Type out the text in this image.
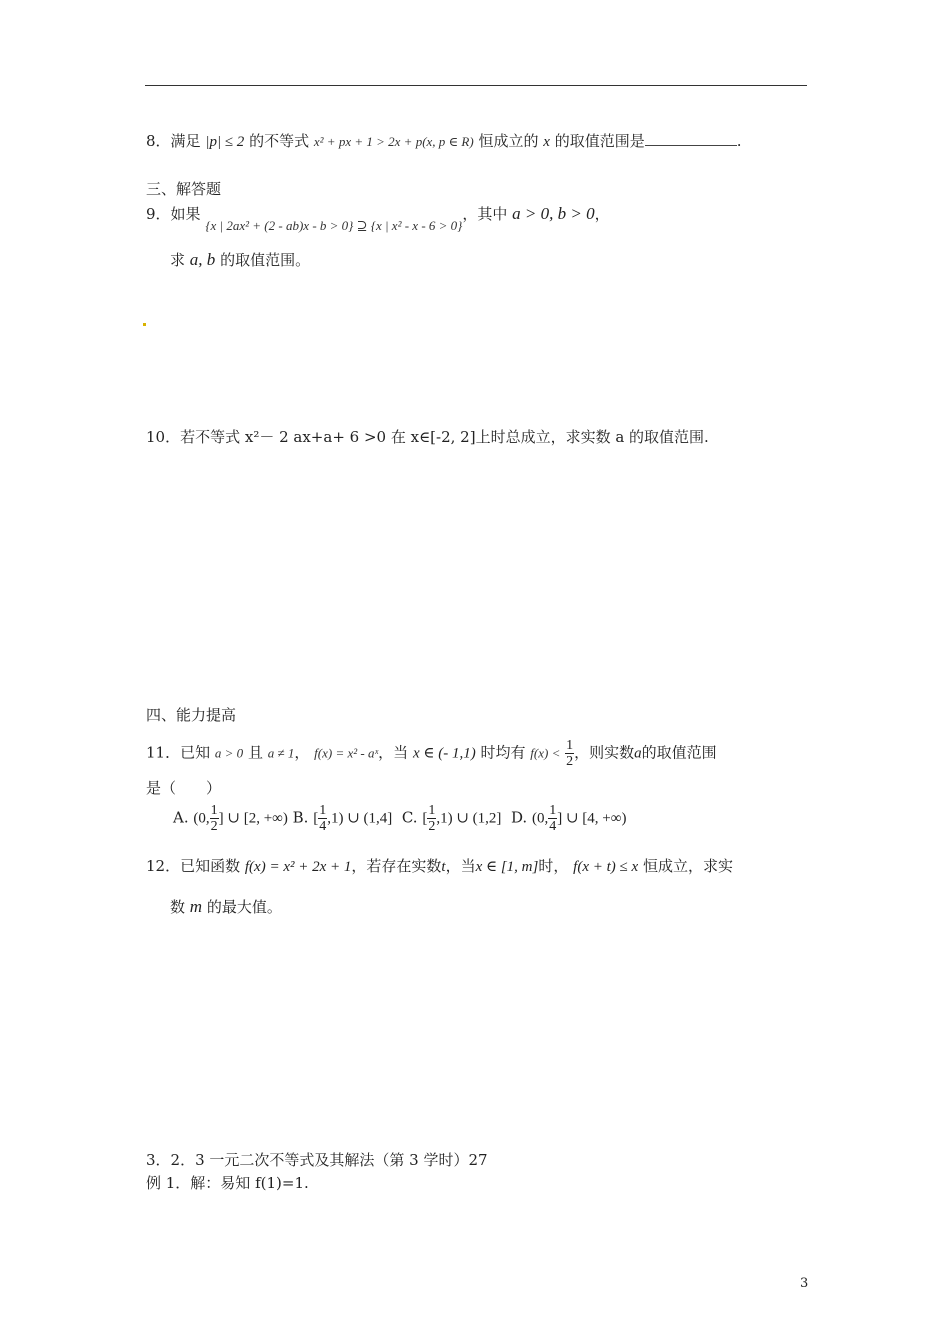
8．满足 |p| ≤ 2 的不等式 x² + px + 1 > 2x + p(x, p ∈ R) 恒成立的 x 的取值范围是	.
三、解答题
9．如果 {x | 2ax² + (2 - ab)x - b > 0} ⊇ {x | x² - x - 6 > 0}，其中 a > 0, b > 0，
求 a, b 的取值范围。
10．若不等式 x²－ 2 ax+a+ 6 >0 在 x∈[-2, 2]上时总成立，求实数 a 的取值范围.
四、能力提高
11．已知 a > 0 且 a ≠ 1， f(x) = x² - aˣ，当 x ∈ (- 1,1) 时均有 $f(x) < \frac{1}{2}$ ，则实数a的取值范围
是（　　）
A. (0, $\frac{1}{2}$ ] ∪ [2, +∞) B. [ $\frac{1}{4} ,1$) ∪ (1,4] C. [ $\frac{1}{2} ,1$) ∪ (1,2] D. (0, $\frac{1}{4}$ ] ∪ [4, +∞)
12．已知函数 f(x) = x² + 2x + 1，若存在实数t，当x ∈ [1, m]时， f(x + t) ≤ x 恒成立，求实
数 m 的最大值。
3．2．3 一元二次不等式及其解法（第 3 学时）27
例 1．解：易知 f(1)=1.
3
